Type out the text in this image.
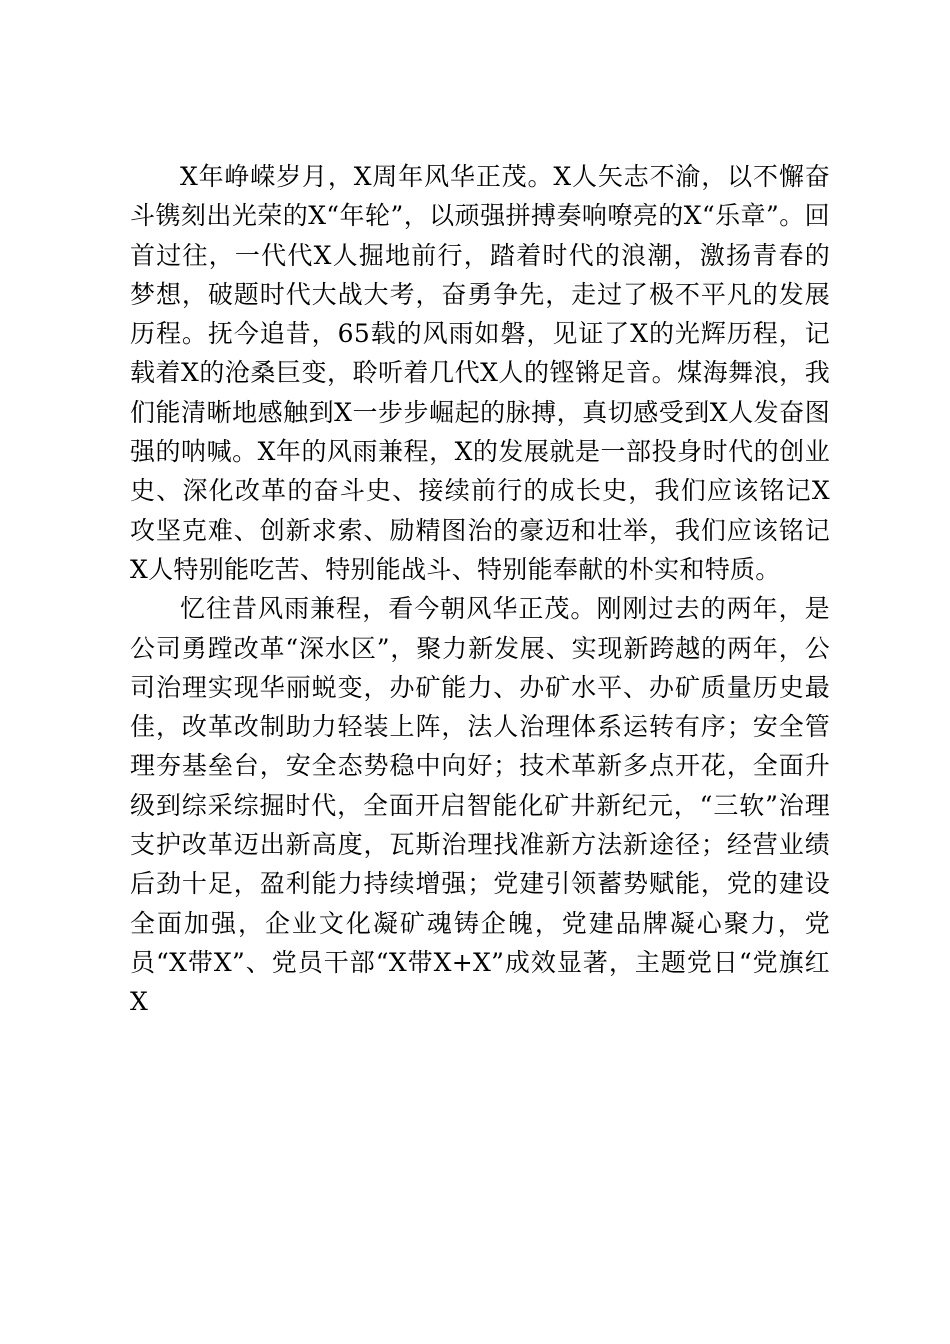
X年峥嵘岁月，X周年风华正茂。X人矢志不渝，以不懈奋斗镌刻出光荣的X“年轮”，以顽强拼搏奏响嘹亮的X“乐章”。回首过往，一代代X人掘地前行，踏着时代的浪潮，激扬青春的梦想，破题时代大战大考，奋勇争先，走过了极不平凡的发展历程。抚今追昔，65载的风雨如磐，见证了X的光辉历程，记载着X的沧桑巨变，聆听着几代X人的铿锵足音。煤海舞浪，我们能清晰地感触到X一步步崛起的脉搏，真切感受到X人发奋图强的呐喊。X年的风雨兼程，X的发展就是一部投身时代的创业史、深化改革的奋斗史、接续前行的成长史，我们应该铭记X攻坚克难、创新求索、励精图治的豪迈和壮举，我们应该铭记X人特别能吃苦、特别能战斗、特别能奉献的朴实和特质。

忆往昔风雨兼程，看今朝风华正茂。刚刚过去的两年，是公司勇蹚改革“深水区”，聚力新发展、实现新跨越的两年，公司治理实现华丽蜕变，办矿能力、办矿水平、办矿质量历史最佳，改革改制助力轻装上阵，法人治理体系运转有序；安全管理夯基垒台，安全态势稳中向好；技术革新多点开花，全面升级到综采综掘时代，全面开启智能化矿井新纪元，“三软”治理支护改革迈出新高度，瓦斯治理找准新方法新途径；经营业绩后劲十足，盈利能力持续增强；党建引领蓄势赋能，党的建设全面加强，企业文化凝矿魂铸企魄，党建品牌凝心聚力，党员“X带X”、党员干部“X带X+X”成效显著，主题党日“党旗红X
